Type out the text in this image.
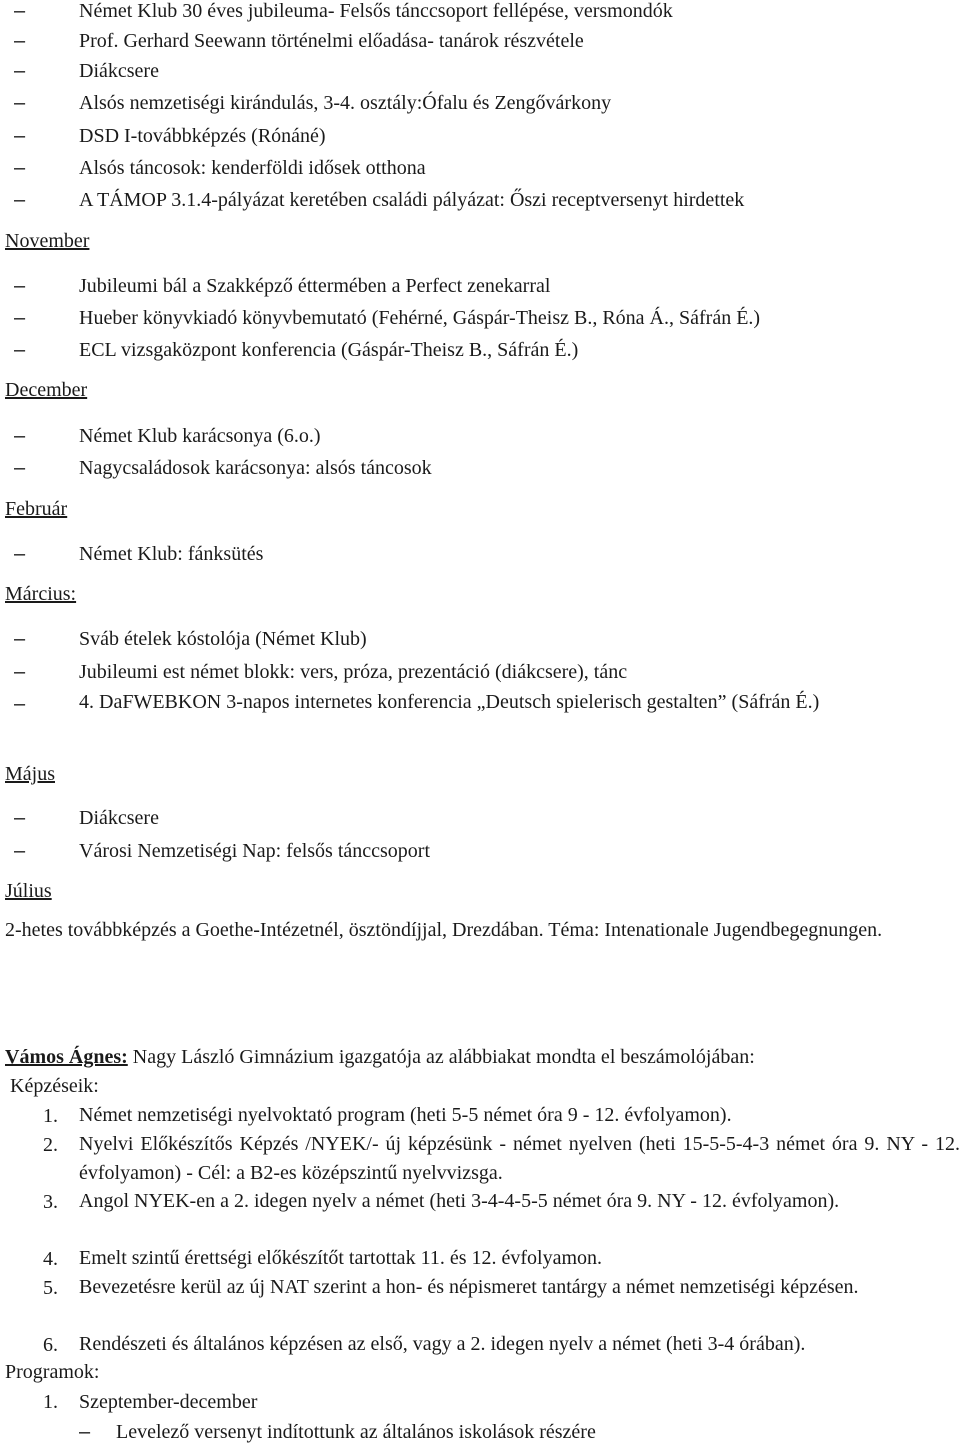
–	Német Klub 30 éves jubileuma- Felsős tánccsoport fellépése, versmondók
–	Prof. Gerhard Seewann történelmi előadása- tanárok részvétele
–	Diákcsere
–	Alsós nemzetiségi kirándulás, 3-4. osztály:Ófalu és Zengővárkony
–	DSD I-továbbképzés (Rónáné)
–	Alsós táncosok: kenderföldi idősek otthona
–	A TÁMOP 3.1.4-pályázat keretében családi pályázat: Őszi receptversenyt hirdettek
November
–	Jubileumi bál a Szakképző éttermében a Perfect zenekarral
–	Hueber könyvkiadó könyvbemutató (Fehérné, Gáspár-Theisz B., Róna Á., Sáfrán É.)
–	ECL vizsgaközpont konferencia (Gáspár-Theisz B., Sáfrán É.)
December
–	Német Klub karácsonya (6.o.)
–	Nagycsaládosok karácsonya: alsós táncosok
Február
–	Német Klub: fánksütés
Március:
–	Sváb ételek kóstolója (Német Klub)
–	Jubileumi est német blokk: vers, próza, prezentáció (diákcsere), tánc
–	4. DaFWEBKON 3-napos internetes konferencia „Deutsch spielerisch gestalten” (Sáfrán É.)
Május
–	Diákcsere
–	Városi Nemzetiségi Nap: felsős tánccsoport
Július
2-hetes továbbképzés a Goethe-Intézetnél, ösztöndíjjal, Drezdában. Téma: Intenationale Jugendbegegnungen.
Vámos Ágnes: Nagy László Gimnázium igazgatója az alábbiakat mondta el beszámolójában:
Képzéseik:
1.	Német nemzetiségi nyelvoktató program (heti 5-5 német óra 9 - 12. évfolyamon).
2.	Nyelvi Előkészítős Képzés /NYEK/- új képzésünk - német nyelven (heti 15-5-5-4-3 német óra 9. NY - 12. évfolyamon) - Cél: a B2-es középszintű nyelvvizsga.
3.	Angol NYEK-en a 2. idegen nyelv a német (heti 3-4-4-5-5 német óra 9. NY - 12. évfolyamon).
4.	Emelt szintű érettségi előkészítőt tartottak 11. és 12. évfolyamon.
5.	Bevezetésre kerül az új NAT szerint a hon- és népismeret tantárgy a német nemzetiségi képzésen.
6.	Rendészeti és általános képzésen az első, vagy a 2. idegen nyelv a német (heti 3-4 órában).
Programok:
1.	Szeptember-december
– Levelező versenyt indítottunk az általános iskolások részére
